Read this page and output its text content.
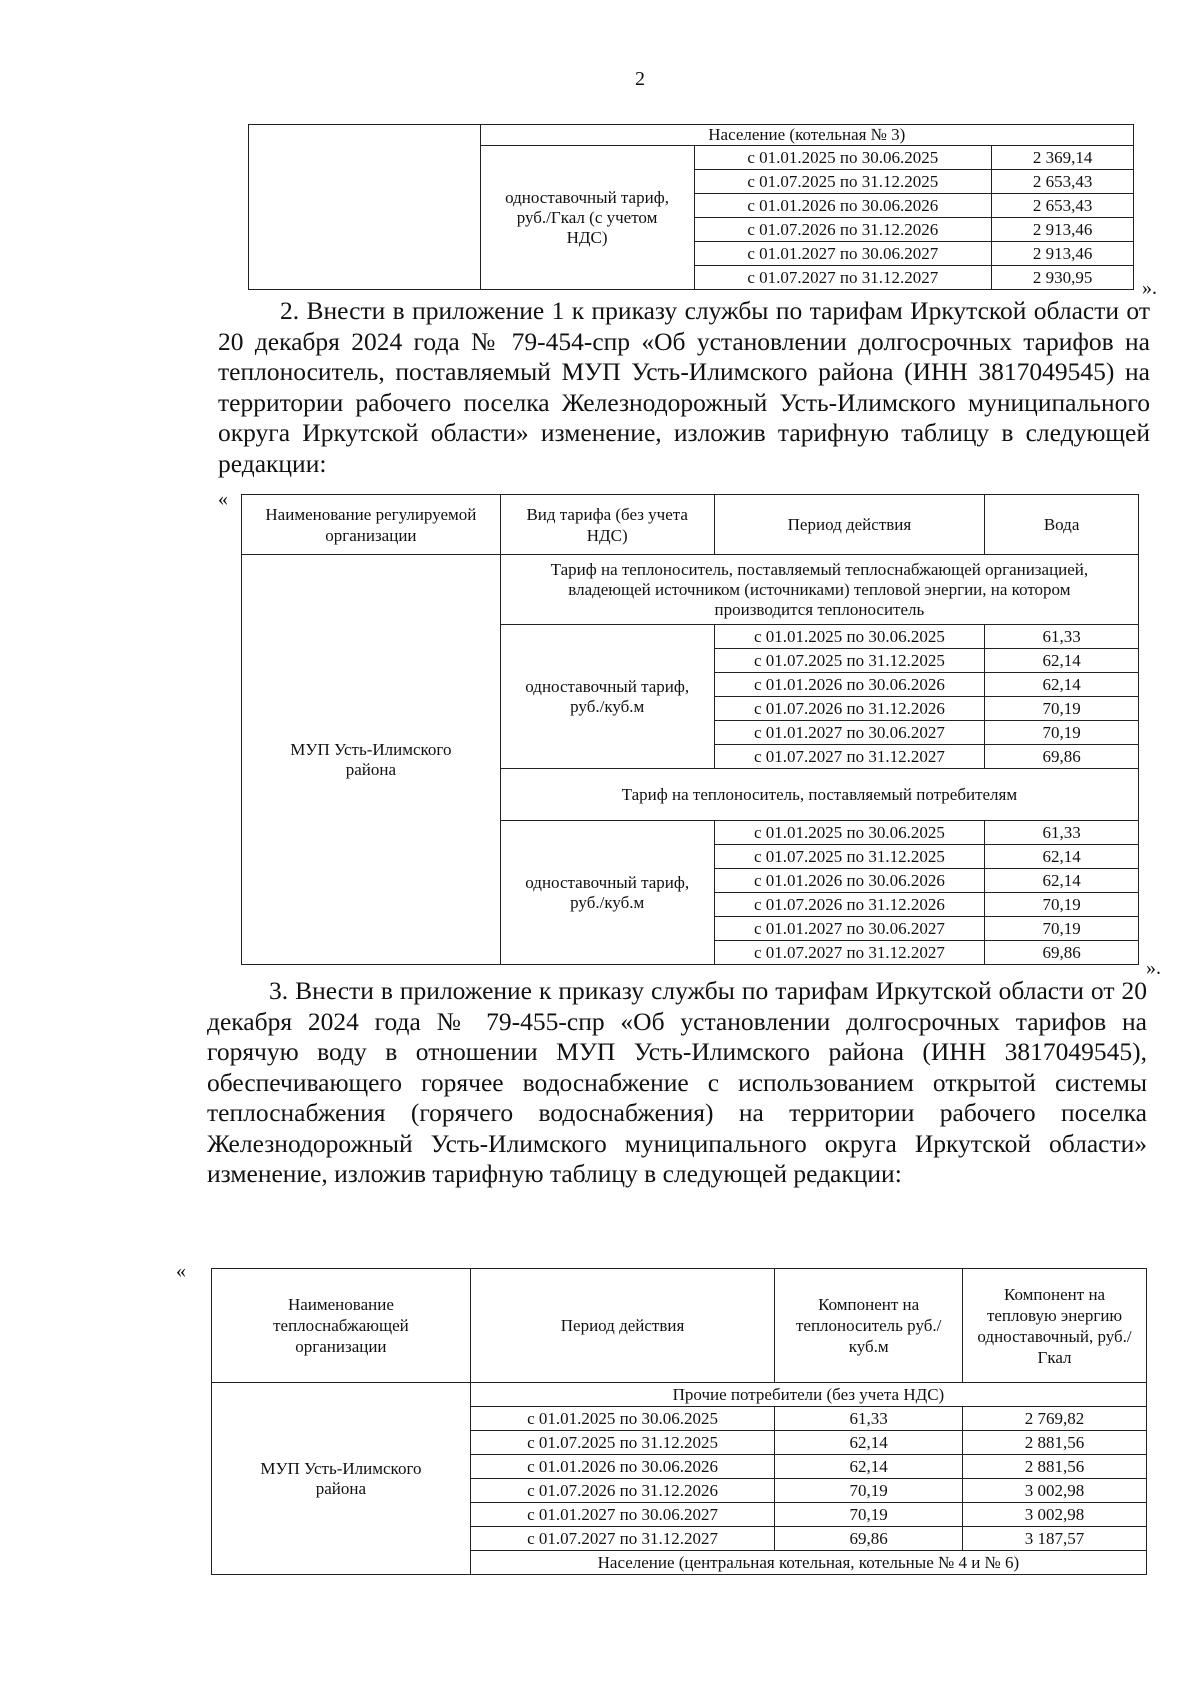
2
	Население (котельная № 3)		
	одноставочный тариф, руб./Гкал (с учетом НДС)	с 01.01.2025 по 30.06.2025	2 369,14
		с 01.07.2025 по 31.12.2025	2 653,43
		с 01.01.2026 по 30.06.2026	2 653,43
		с 01.07.2026 по 31.12.2026	2 913,46
		с 01.01.2027 по 30.06.2027	2 913,46
		с 01.07.2027 по 31.12.2027	2 930,95 ».
2. Внести в приложение 1 к приказу службы по тарифам Иркутской области от 20 декабря 2024 года № 79-454-спр «Об установлении долгосрочных тарифов на теплоноситель, поставляемый МУП Усть-Илимского района (ИНН 3817049545) на территории рабочего поселка Железнодорожный Усть-Илимского муниципального округа Иркутской области» изменение, изложив тарифную таблицу в следующей редакции:
«
Наименование регулируемой организации	Вид тарифа (без учета НДС)	Период действия	Вода
МУП Усть-Илимского района	Тариф на теплоноситель, поставляемый теплоснабжающей организацией, владеющей источником (источниками) тепловой энергии, на котором производится теплоноситель		
	одноставочный тариф, руб./куб.м	с 01.01.2025 по 30.06.2025	61,33
		с 01.07.2025 по 31.12.2025	62,14
		с 01.01.2026 по 30.06.2026	62,14
		с 01.07.2026 по 31.12.2026	70,19
		с 01.01.2027 по 30.06.2027	70,19
		с 01.07.2027 по 31.12.2027	69,86
	Тариф на теплоноситель, поставляемый потребителям		
	одноставочный тариф, руб./куб.м	с 01.01.2025 по 30.06.2025	61,33
		с 01.07.2025 по 31.12.2025	62,14
		с 01.01.2026 по 30.06.2026	62,14
		с 01.07.2026 по 31.12.2026	70,19
		с 01.01.2027 по 30.06.2027	70,19
		с 01.07.2027 по 31.12.2027	69,86
».
3. Внести в приложение к приказу службы по тарифам Иркутской области от 20 декабря 2024 года № 79-455-спр «Об установлении долгосрочных тарифов на горячую воду в отношении МУП Усть-Илимского района (ИНН 3817049545), обеспечивающего горячее водоснабжение с использованием открытой системы теплоснабжения (горячего водоснабжения) на территории рабочего поселка Железнодорожный Усть-Илимского муниципального округа Иркутской области» изменение, изложив тарифную таблицу в следующей редакции:
«
Наименование теплоснабжающей организации	Период действия	Компонент на теплоноситель руб./куб.м	Компонент на тепловую энергию одноставочный, руб./Гкал
МУП Усть-Илимского района	Прочие потребители (без учета НДС)		
	с 01.01.2025 по 30.06.2025	61,33	2 769,82
	с 01.07.2025 по 31.12.2025	62,14	2 881,56
	с 01.01.2026 по 30.06.2026	62,14	2 881,56
	с 01.07.2026 по 31.12.2026	70,19	3 002,98
	с 01.01.2027 по 30.06.2027	70,19	3 002,98
	с 01.07.2027 по 31.12.2027	69,86	3 187,57
	Население (центральная котельная, котельные № 4 и № 6)		
